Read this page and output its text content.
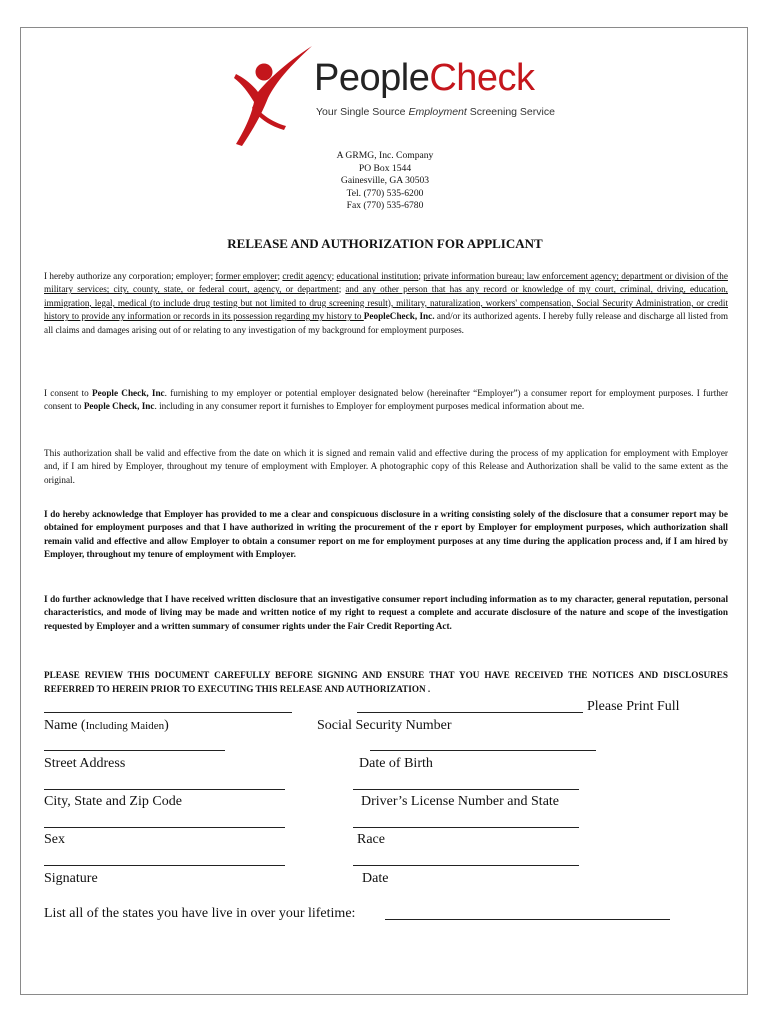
PeopleCheck
Your Single Source Employment Screening Service
A GRMG, Inc. Company
PO Box 1544
Gainesville, GA 30503
Tel. (770) 535-6200
Fax (770) 535-6780
RELEASE AND AUTHORIZATION FOR APPLICANT
I hereby authorize any corporation; employer; former employer; credit agency; educational institution; private information bureau; law enforcement agency; department or division of the military services; city, county, state, or federal court, agency, or department; and any other person that has any record or knowledge of my court, criminal, driving, education, immigration, legal, medical (to include drug testing but not limited to drug screening result), military, naturalization, workers' compensation, Social Security Administration, or credit history to provide any information or records in its possession regarding my history to PeopleCheck, Inc. and/or its authorized agents. I hereby fully release and discharge all listed from all claims and damages arising out of or relating to any investigation of my background for employment purposes.
I consent to People Check, Inc. furnishing to my employer or potential employer designated below (hereinafter “Employer”) a consumer report for employment purposes. I further consent to People Check, Inc. including in any consumer report it furnishes to Employer for employment purposes medical information about me.
This authorization shall be valid and effective from the date on which it is signed and remain valid and effective during the process of my application for employment with Employer and, if I am hired by Employer, throughout my tenure of employment with Employer. A photographic copy of this Release and Authorization shall be valid to the same extent as the original.
I do hereby acknowledge that Employer has provided to me a clear and conspicuous disclosure in a writing consisting solely of the disclosure that a consumer report may be obtained for employment purposes and that I have authorized in writing the procurement of the r eport by Employer for employment purposes, which authorization shall remain valid and effective and allow Employer to obtain a consumer report on me for employment purposes at any time during the application process and, if I am hired by Employer, throughout my tenure of employment with Employer.
I do further acknowledge that I have received written disclosure that an investigative consumer report including information as to my character, general reputation, personal characteristics, and mode of living may be made and written notice of my right to request a complete and accurate disclosure of the nature and scope of the investigation requested by Employer and a written summary of consumer rights under the Fair Credit Reporting Act.
PLEASE REVIEW THIS DOCUMENT CAREFULLY BEFORE SIGNING AND ENSURE THAT YOU HAVE RECEIVED THE NOTICES AND DISCLOSURES REFERRED TO HEREIN PRIOR TO EXECUTING THIS RELEASE AND AUTHORIZATION .
Please Print Full
Name (Including Maiden)	Social Security Number
Street Address	Date of Birth
City, State and Zip Code	Driver’s License Number and State
Sex	Race
Signature	Date
List all of the states you have live in over your lifetime:
